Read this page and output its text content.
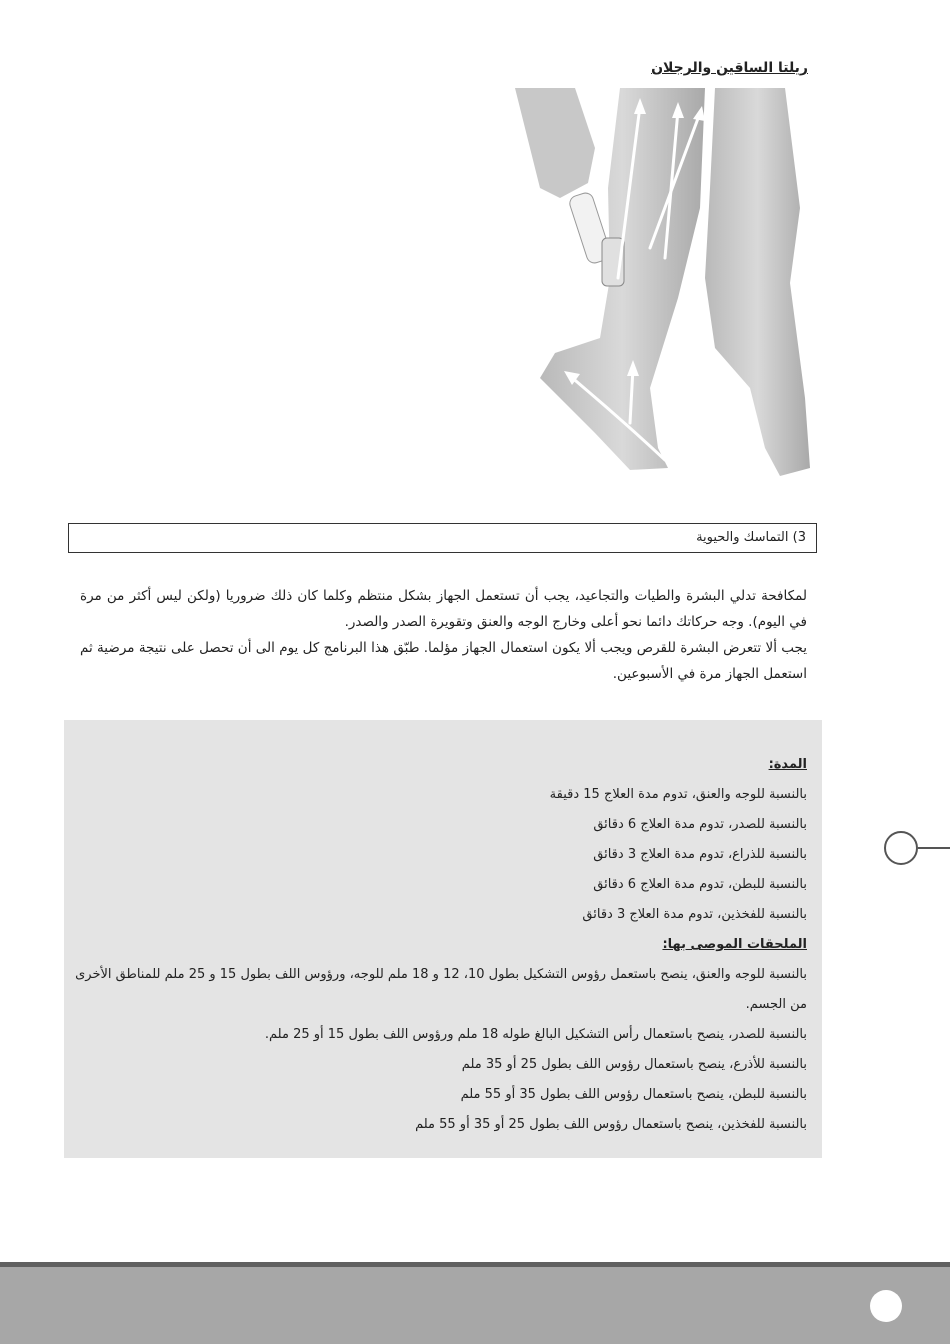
ريلتا الساقين والرجلان
3) التماسك والحيوية

لمكافحة تدلي البشرة والطيات والتجاعيد، يجب أن تستعمل الجهاز بشكل منتظم وكلما كان ذلك ضروريا (ولكن ليس أكثر من مرة في اليوم). وجه حركاتك دائما نحو أعلى وخارج الوجه والعنق وتقويرة الصدر والصدر.

يجب ألا تتعرض البشرة للقرص ويجب ألا يكون استعمال الجهاز مؤلما. طبّق هذا البرنامج كل يوم الى أن تحصل على نتيجة مرضية ثم استعمل الجهاز مرة في الأسبوعين.

المدة:
بالنسبة للوجه والعنق، تدوم مدة العلاج 15 دقيقة
بالنسبة للصدر، تدوم مدة العلاج 6 دقائق
بالنسبة للذراع، تدوم مدة العلاج 3 دقائق
بالنسبة للبطن، تدوم مدة العلاج 6 دقائق
بالنسبة للفخذين، تدوم مدة العلاج 3 دقائق
الملحقات الموصى بها:
بالنسبة للوجه والعنق، ينصح باستعمل رؤوس التشكيل بطول 10، 12 و 18 ملم للوجه، ورؤوس اللف بطول 15 و 25 ملم للمناطق الأخرى من الجسم.
بالنسبة للصدر، ينصح باستعمال رأس التشكيل البالغ طوله 18 ملم ورؤوس اللف بطول 15 أو 25 ملم.
بالنسبة للأذرع، ينصح باستعمال رؤوس اللف بطول 25 أو 35 ملم
بالنسبة للبطن، ينصح باستعمال رؤوس اللف بطول 35 أو 55 ملم
بالنسبة للفخذين، ينصح باستعمال رؤوس اللف بطول 25 أو 35 أو 55 ملم
